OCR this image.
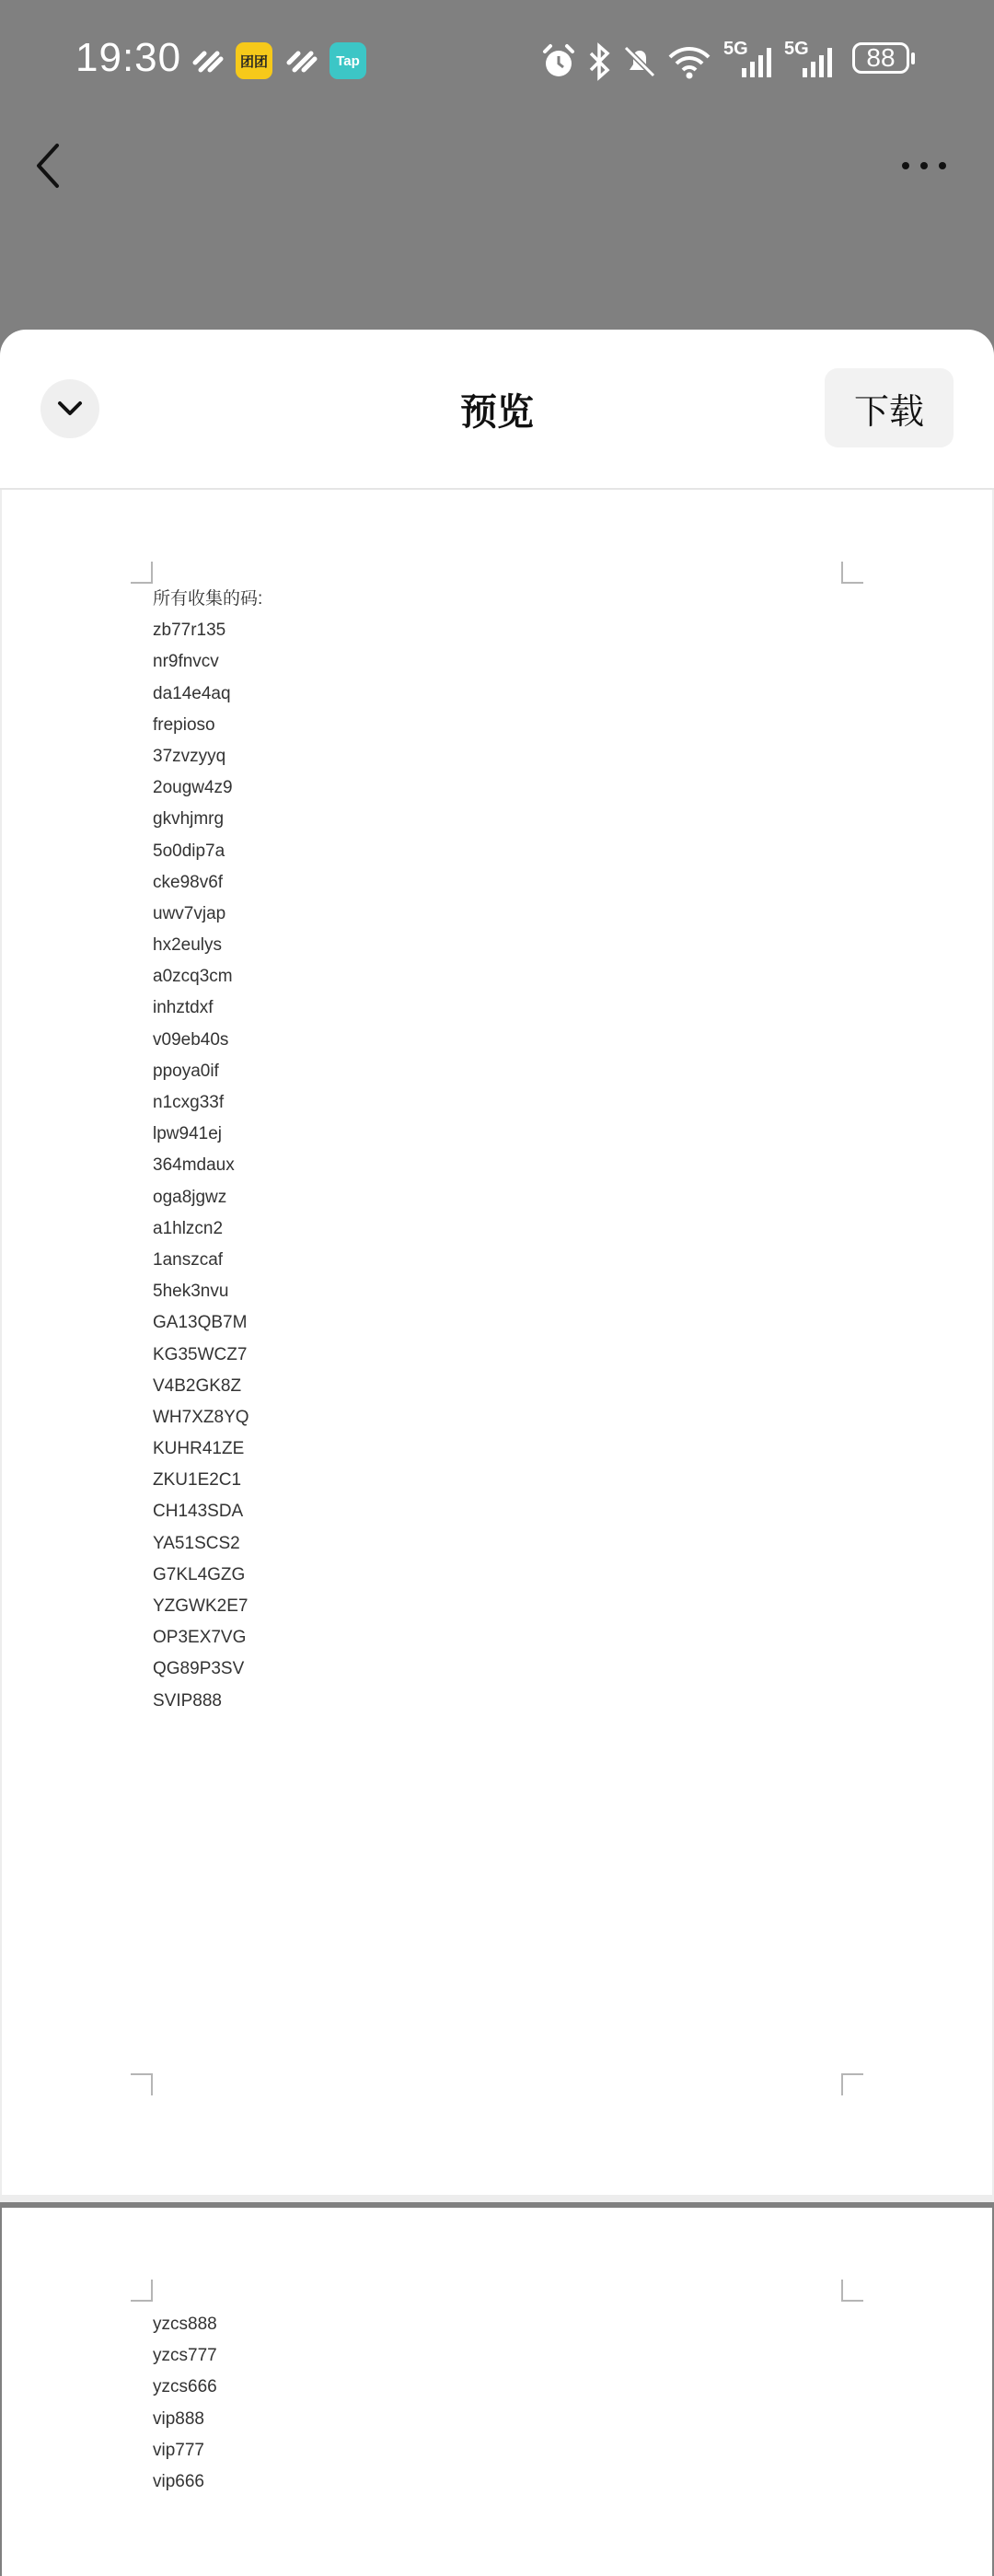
19:30	团团	Tap
5G 5G	88
预览	下载
所有收集的码:
zb77r135
nr9fnvcv
da14e4aq
frepioso
37zvzyyq
2ougw4z9
gkvhjmrg
5o0dip7a
cke98v6f
uwv7vjap
hx2eulys
a0zcq3cm
inhztdxf
v09eb40s
ppoya0if
n1cxg33f
lpw941ej
364mdaux
oga8jgwz
a1hlzcn2
1anszcaf
5hek3nvu
GA13QB7M
KG35WCZ7
V4B2GK8Z
WH7XZ8YQ
KUHR41ZE
ZKU1E2C1
CH143SDA
YA51SCS2
G7KL4GZG
YZGWK2E7
OP3EX7VG
QG89P3SV
SVIP888
yzcs888
yzcs777
yzcs666
vip888
vip777
vip666
